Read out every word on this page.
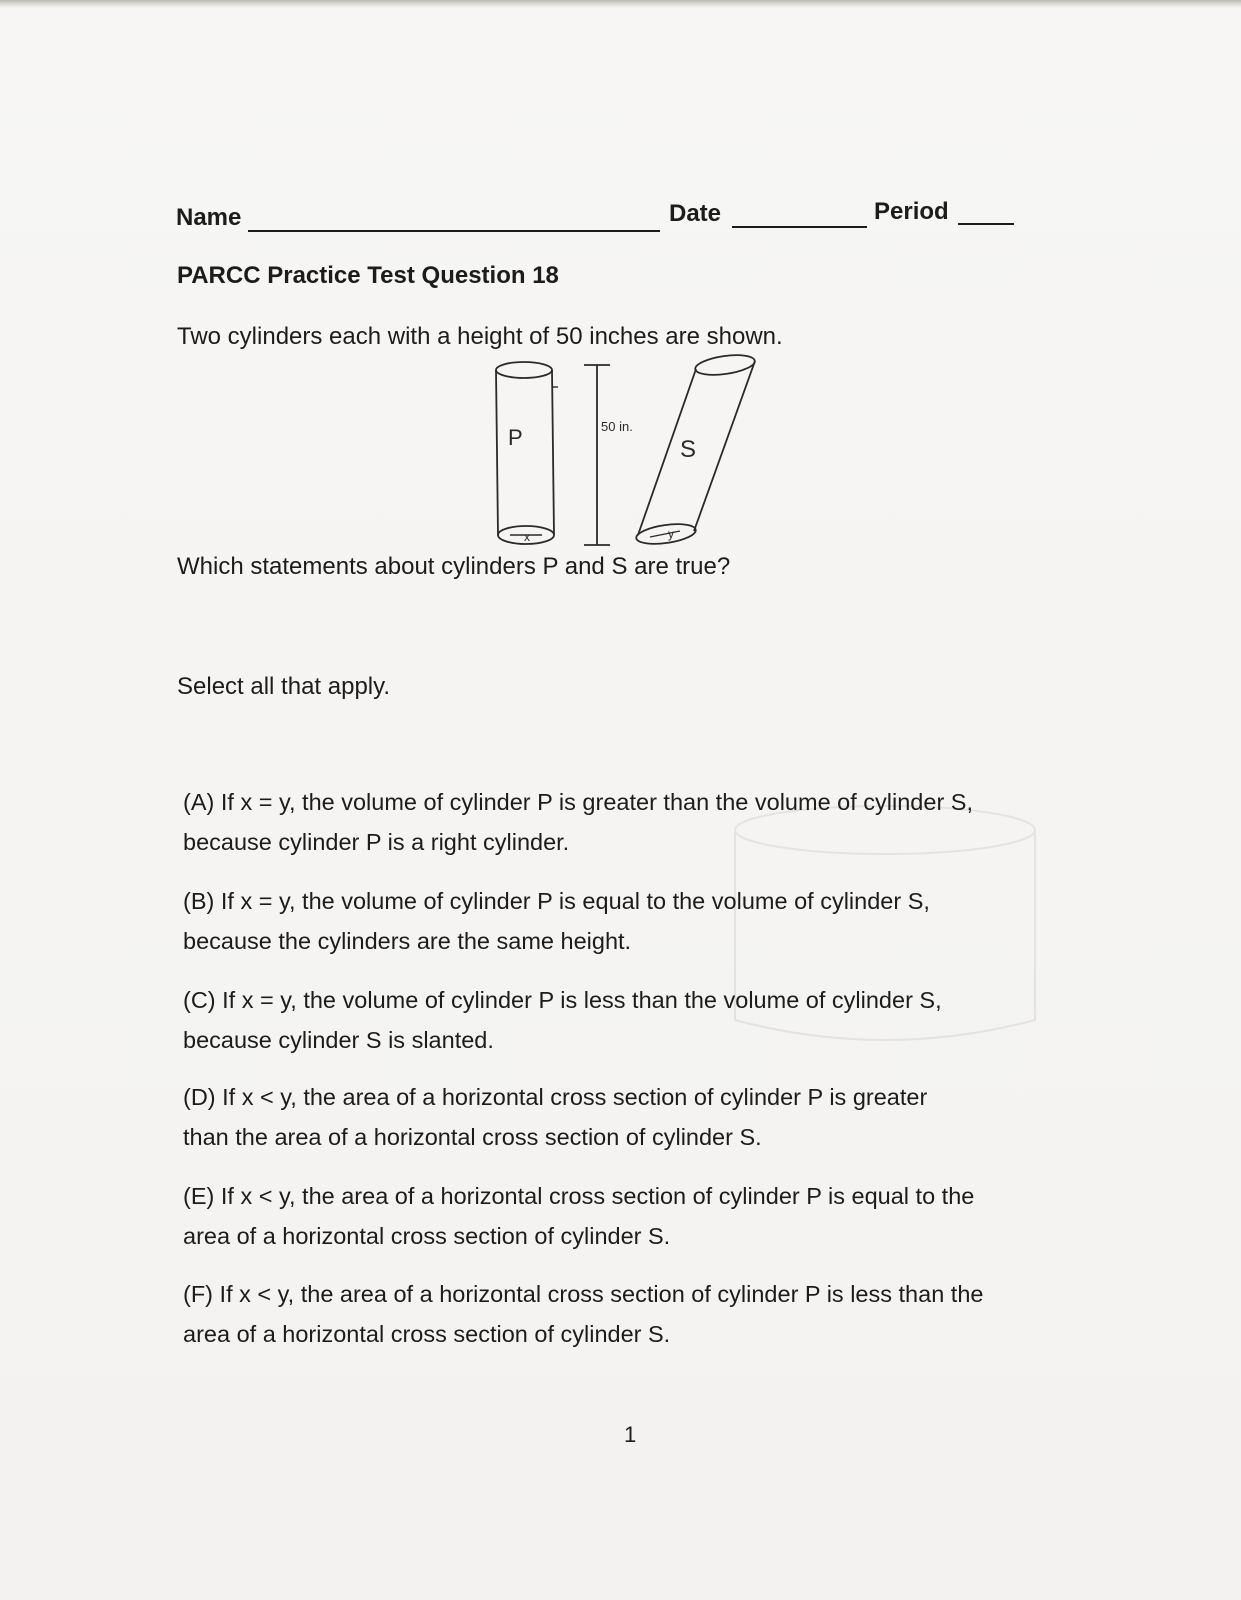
Name	Date	Period
PARCC Practice Test Question 18
Two cylinders each with a height of 50 inches are shown.
P	S
50 in.
x	y
Which statements about cylinders P and S are true?
Select all that apply.
(A) If x = y, the volume of cylinder P is greater than the volume of cylinder S,
because cylinder P is a right cylinder.
(B) If x = y, the volume of cylinder P is equal to the volume of cylinder S,
because the cylinders are the same height.
(C) If x = y, the volume of cylinder P is less than the volume of cylinder S,
because cylinder S is slanted.
(D) If x < y, the area of a horizontal cross section of cylinder P is greater
than the area of a horizontal cross section of cylinder S.
(E) If x < y, the area of a horizontal cross section of cylinder P is equal to the
area of a horizontal cross section of cylinder S.
(F) If x < y, the area of a horizontal cross section of cylinder P is less than the
area of a horizontal cross section of cylinder S.
1
